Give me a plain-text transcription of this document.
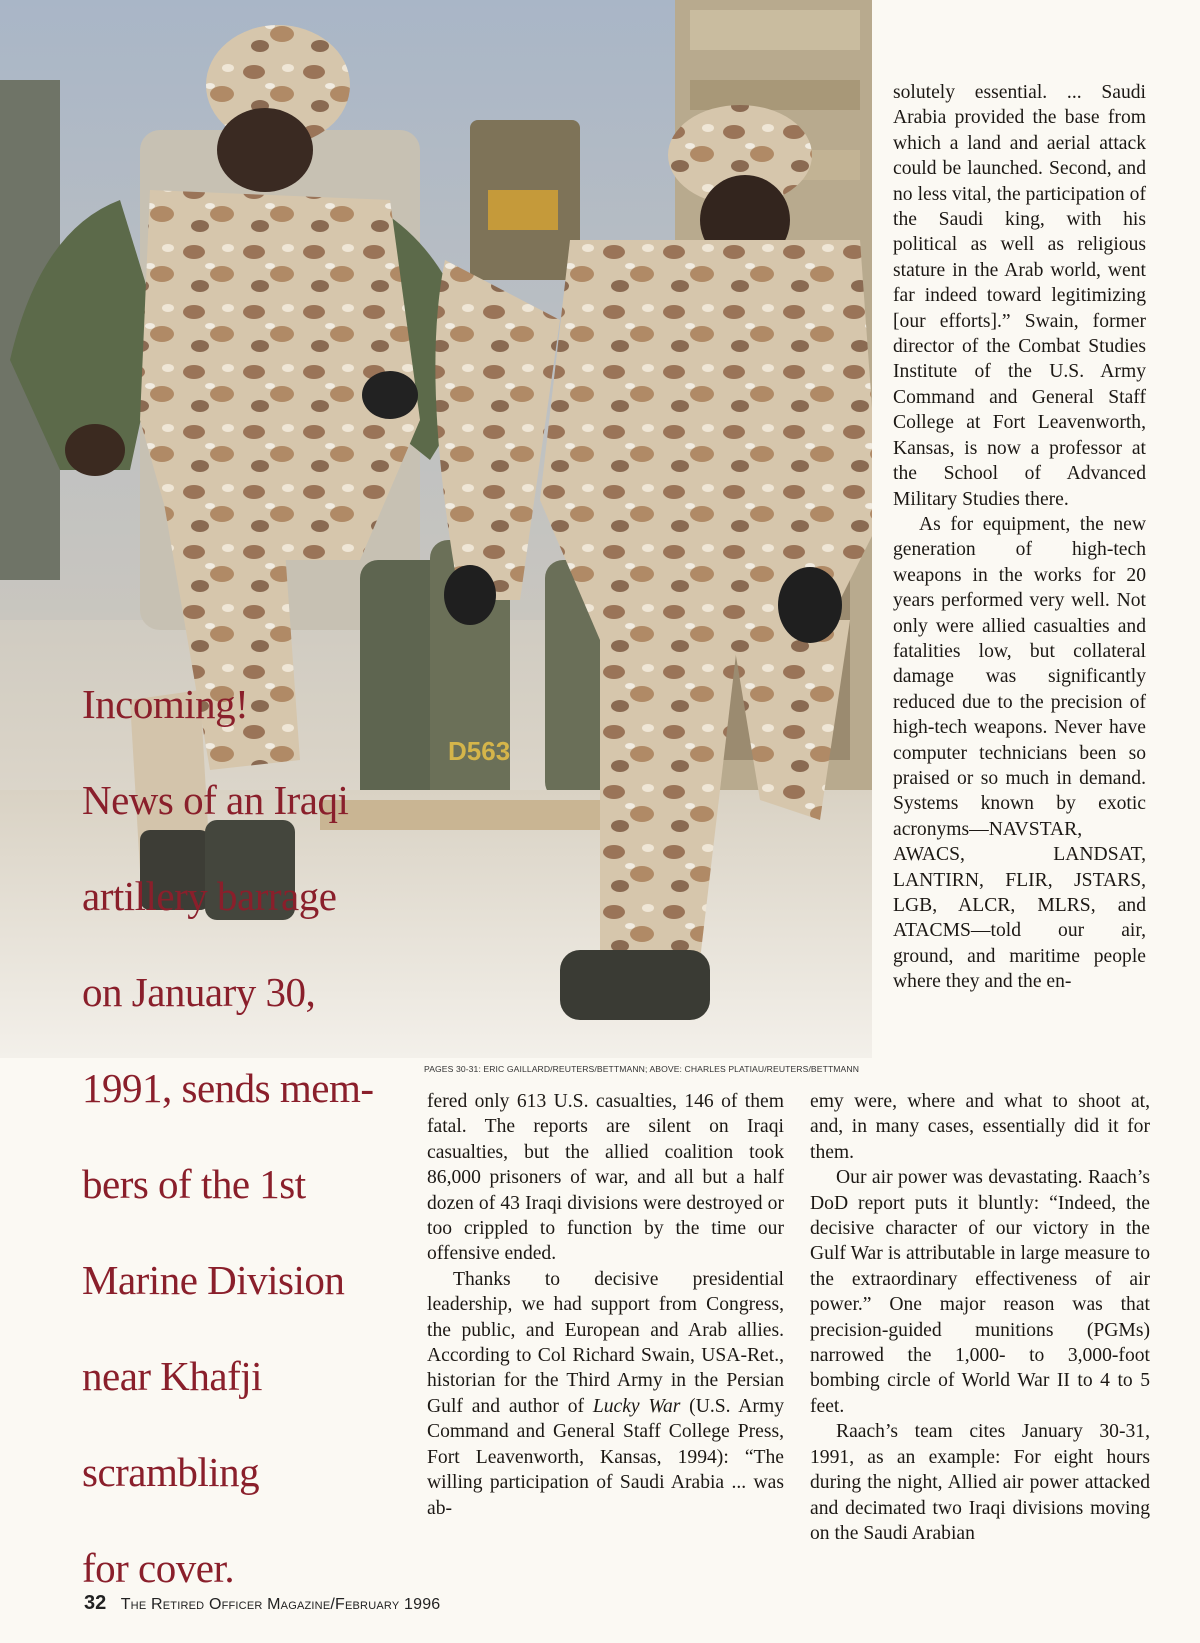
D563
PAGES 30-31: ERIC GAILLARD/REUTERS/BETTMANN; ABOVE: CHARLES PLATIAU/REUTERS/BETTMANN
Incoming!
News of an Iraqi
artillery barrage
on January 30,
1991, sends mem-
bers of the 1st
Marine Division
near Khafji
scrambling
for cover.

solutely essential. ... Saudi Arabia provided the base from which a land and aerial attack could be launched. Second, and no less vital, the participation of the Saudi king, with his political as well as religious stature in the Arab world, went far indeed toward legitimizing [our efforts].” Swain, former director of the Combat Studies Institute of the U.S. Army Command and General Staff College at Fort Leavenworth, Kansas, is now a professor at the School of Advanced Military Studies there.

As for equipment, the new generation of high-tech weapons in the works for 20 years performed very well. Not only were allied casualties and fatalities low, but collateral damage was significantly reduced due to the precision of high-tech weapons. Never have computer technicians been so praised or so much in demand. Systems known by exotic acronyms—NAVSTAR, AWACS, LANDSAT, LANTIRN, FLIR, JSTARS, LGB, ALCR, MLRS, and ATACMS—told our air, ground, and maritime people where they and the en-

fered only 613 U.S. casualties, 146 of them fatal. The reports are silent on Iraqi casualties, but the allied coalition took 86,000 prisoners of war, and all but a half dozen of 43 Iraqi divisions were destroyed or too crippled to function by the time our offensive ended.

Thanks to decisive presidential leadership, we had support from Congress, the public, and European and Arab allies. According to Col Richard Swain, USA-Ret., historian for the Third Army in the Persian Gulf and author of Lucky War (U.S. Army Command and General Staff College Press, Fort Leavenworth, Kansas, 1994): “The willing participation of Saudi Arabia ... was ab-

emy were, where and what to shoot at, and, in many cases, essentially did it for them.

Our air power was devastating. Raach’s DoD report puts it bluntly: “Indeed, the decisive character of our victory in the Gulf War is attributable in large measure to the extraordinary effectiveness of air power.” One major reason was that precision-guided munitions (PGMs) narrowed the 1,000- to 3,000-foot bombing circle of World War II to 4 to 5 feet.

Raach’s team cites January 30-31, 1991, as an example: For eight hours during the night, Allied air power attacked and decimated two Iraqi divisions moving on the Saudi Arabian

32 The Retired Officer Magazine/February 1996
